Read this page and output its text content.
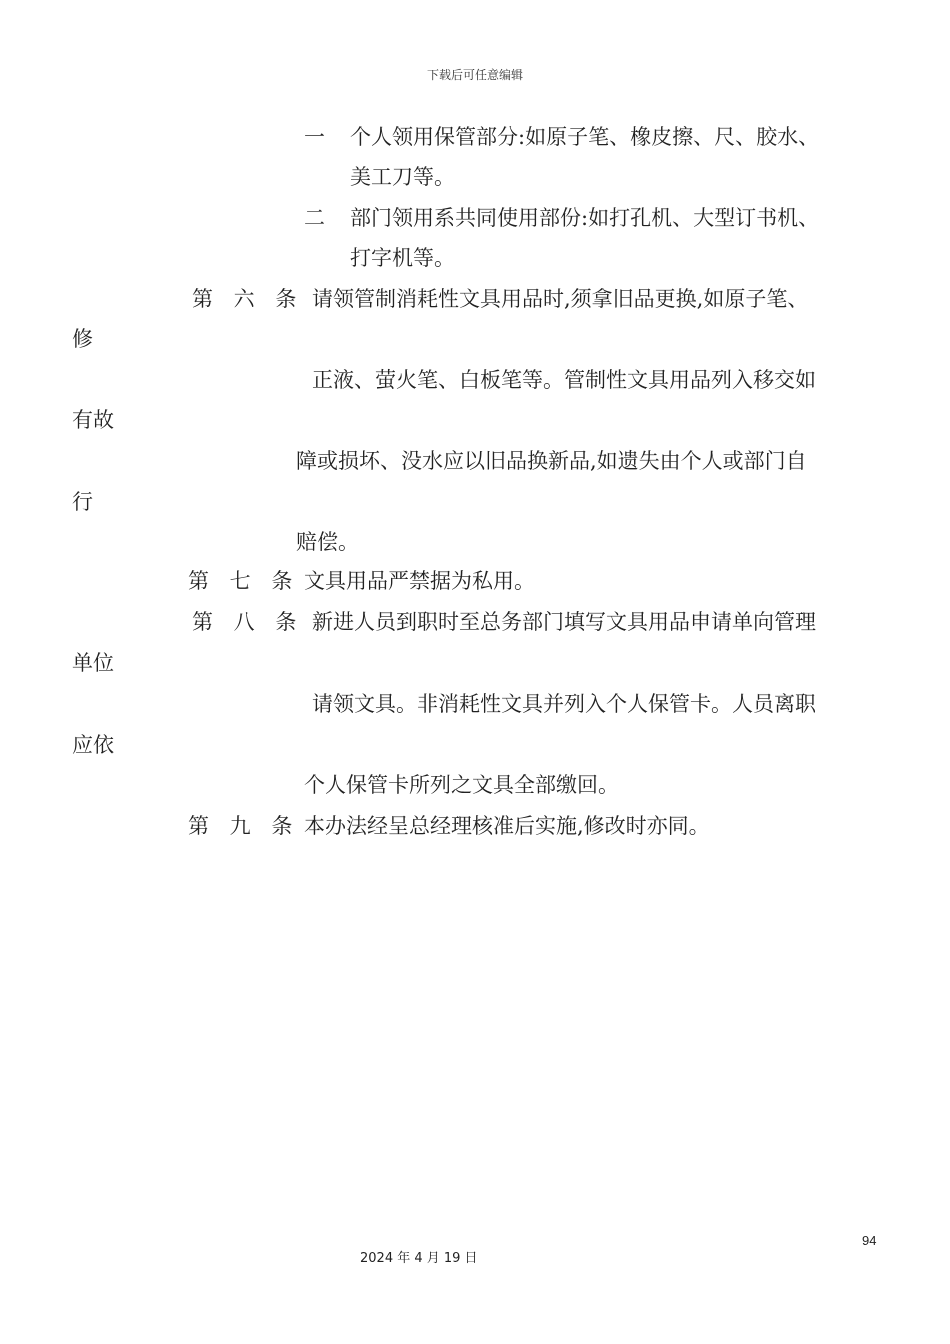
下载后可任意编辑
一 个人领用保管部分:如原子笔、橡皮擦、尺、胶水、
美工刀等。
二 部门领用系共同使用部份:如打孔机、大型订书机、
打字机等。
第 六 条 请领管制消耗性文具用品时,须拿旧品更换,如原子笔、
修
正液、萤火笔、白板笔等。管制性文具用品列入移交如
有故
障或损坏、没水应以旧品换新品,如遗失由个人或部门自
行
赔偿。
第 七 条 文具用品严禁据为私用。
第 八 条 新进人员到职时至总务部门填写文具用品申请单向管理
单位
请领文具。非消耗性文具并列入个人保管卡。人员离职
应依
个人保管卡所列之文具全部缴回。
第 九 条 本办法经呈总经理核准后实施,修改时亦同。
94
2024 年 4 月 19 日
